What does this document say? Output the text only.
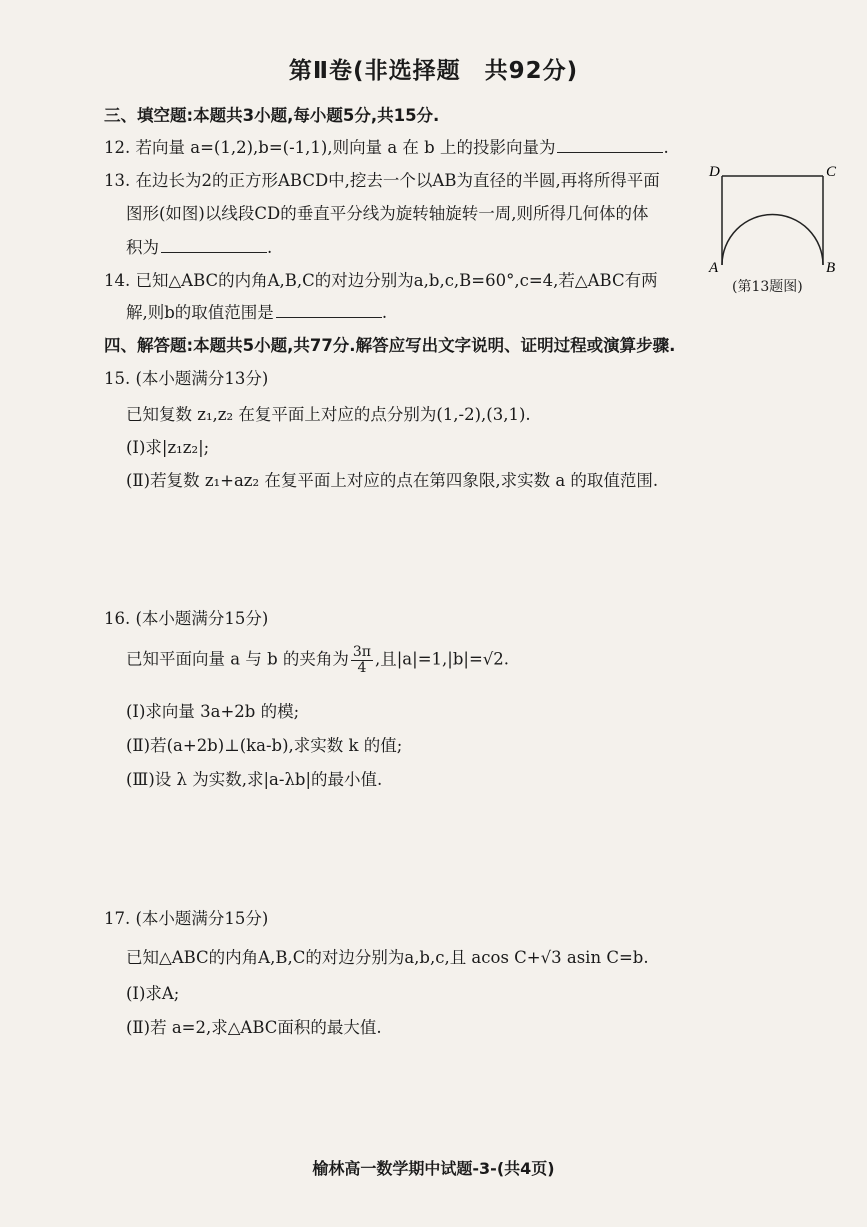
第Ⅱ卷(非选择题　共92分)
三、填空题:本题共3小题,每小题5分,共15分.
12. 若向量 a=(1,2),b=(-1,1),则向量 a 在 b 上的投影向量为	.
13. 在边长为2的正方形ABCD中,挖去一个以AB为直径的半圆,再将所得平面
图形(如图)以线段CD的垂直平分线为旋转轴旋转一周,则所得几何体的体
积为	.
D	C
A	B
(第13题图)
14. 已知△ABC的内角A,B,C的对边分别为a,b,c,B=60°,c=4,若△ABC有两
解,则b的取值范围是	.
四、解答题:本题共5小题,共77分.解答应写出文字说明、证明过程或演算步骤.
15. (本小题满分13分)
已知复数 z₁,z₂ 在复平面上对应的点分别为(1,-2),(3,1).
(Ⅰ)求|z₁z₂|;
(Ⅱ)若复数 z₁+az₂ 在复平面上对应的点在第四象限,求实数 a 的取值范围.
16. (本小题满分15分)
已知平面向量 a 与 b 的夹角为 $\frac{3\pi}{4}$ ,且|a|=1,|b|=√2.
(Ⅰ)求向量 3a+2b 的模;
(Ⅱ)若(a+2b)⊥(ka-b),求实数 k 的值;
(Ⅲ)设 λ 为实数,求|a-λb|的最小值.
17. (本小题满分15分)
已知△ABC的内角A,B,C的对边分别为a,b,c,且 acos C+√3 asin C=b.
(Ⅰ)求A;
(Ⅱ)若 a=2,求△ABC面积的最大值.
榆林高一数学期中试题-3-(共4页)
